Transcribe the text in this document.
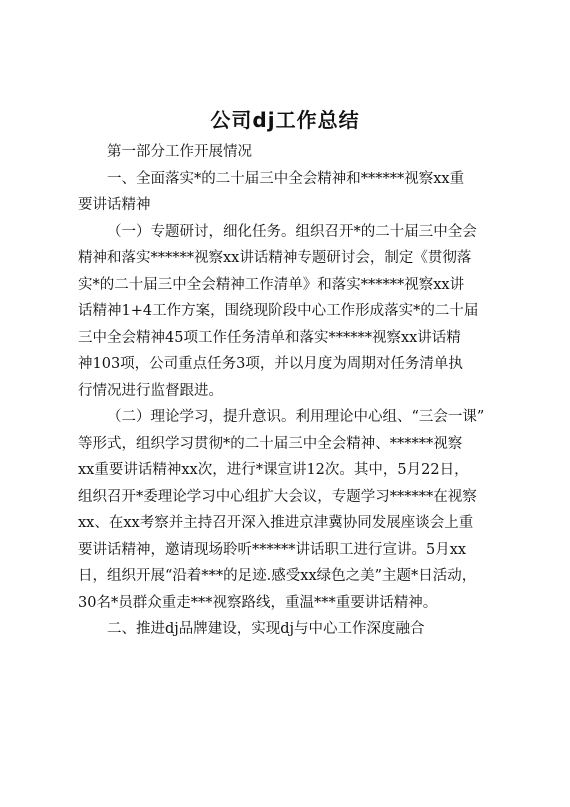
公司dj工作总结

第一部分工作开展情况

一、全面落实*的二十届三中全会精神和******视察xx重
要讲话精神
（一）专题研讨，细化任务。组织召开*的二十届三中全会
精神和落实******视察xx讲话精神专题研讨会，制定《贯彻落
实*的二十届三中全会精神工作清单》和落实******视察xx讲
话精神1+4工作方案，围绕现阶段中心工作形成落实*的二十届
三中全会精神45项工作任务清单和落实******视察xx讲话精
神103项，公司重点任务3项，并以月度为周期对任务清单执
行情况进行监督跟进。
（二）理论学习，提升意识。利用理论中心组、“三会一课”
等形式，组织学习贯彻*的二十届三中全会精神、******视察
xx重要讲话精神xx次，进行*课宣讲12次。其中，5月22日，
组织召开*委理论学习中心组扩大会议，专题学习******在视察
xx、在xx考察并主持召开深入推进京津冀协同发展座谈会上重
要讲话精神，邀请现场聆听******讲话职工进行宣讲。5月xx
日，组织开展“沿着***的足迹.感受xx绿色之美”主题*日活动，
30名*员群众重走***视察路线，重温***重要讲话精神。

二、推进dj品牌建设，实现dj与中心工作深度融合
